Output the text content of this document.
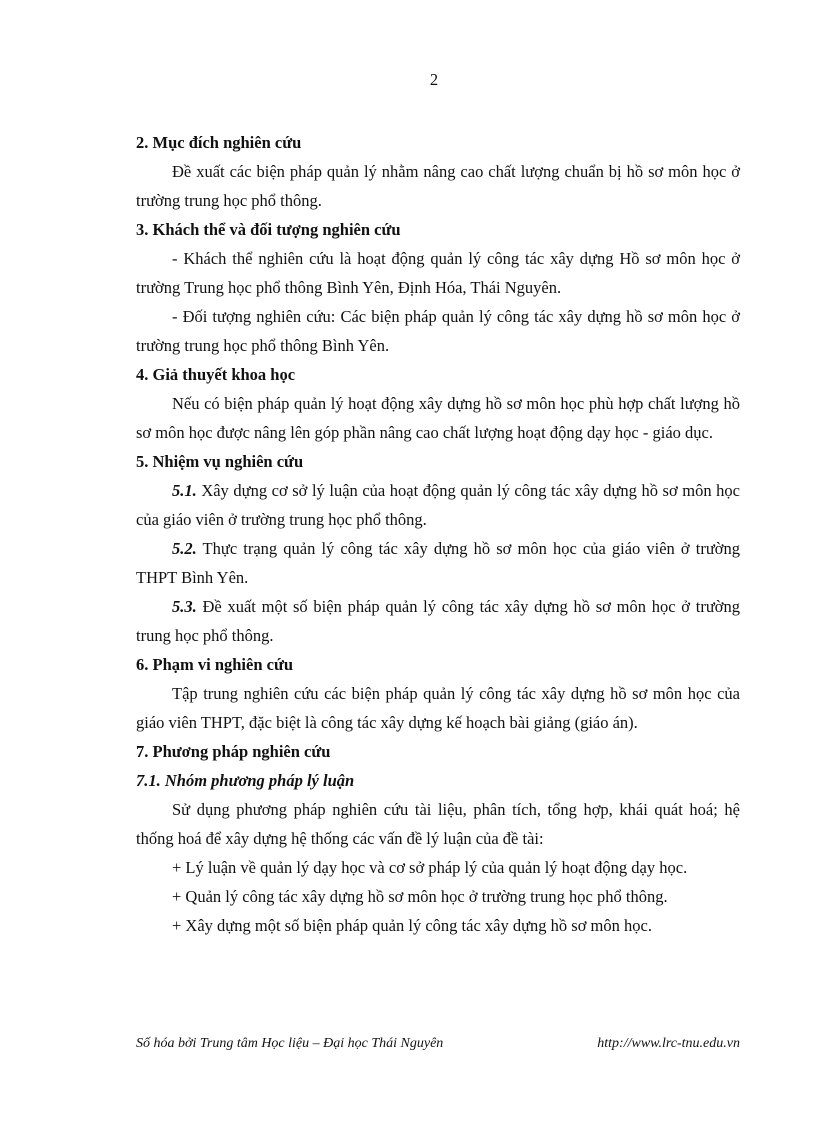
2

2. Mục đích nghiên cứu

Đề xuất các biện pháp quản lý nhằm nâng cao chất lượng chuẩn bị hồ sơ môn học ở trường trung học phổ thông.

3. Khách thể và đối tượng nghiên cứu

- Khách thể nghiên cứu là hoạt động quản lý công tác xây dựng Hồ sơ môn học ở trường Trung học phổ thông Bình Yên, Định Hóa, Thái Nguyên.

- Đối tượng nghiên cứu: Các biện pháp quản lý công tác xây dựng hồ sơ môn học ở trường trung học phổ thông Bình Yên.

4. Giả thuyết khoa học

Nếu có biện pháp quản lý hoạt động xây dựng hồ sơ môn học phù hợp chất lượng hồ sơ môn học được nâng lên góp phần nâng cao chất lượng hoạt động dạy học - giáo dục.

5. Nhiệm vụ nghiên cứu

5.1. Xây dựng cơ sở lý luận của hoạt động quản lý công tác xây dựng hồ sơ môn học của giáo viên ở trường trung học phổ thông.

5.2. Thực trạng quản lý công tác xây dựng hồ sơ môn học của giáo viên ở trường THPT Bình Yên.

5.3. Đề xuất một số biện pháp quản lý công tác xây dựng hồ sơ môn học ở trường trung học phổ thông.

6. Phạm vi nghiên cứu

Tập trung nghiên cứu các biện pháp quản lý công tác xây dựng hồ sơ môn học của giáo viên THPT, đặc biệt là công tác xây dựng kế hoạch bài giảng (giáo án).

7. Phương pháp nghiên cứu

7.1. Nhóm phương pháp lý luận

Sử dụng phương pháp nghiên cứu tài liệu, phân tích, tổng hợp, khái quát hoá; hệ thống hoá để xây dựng hệ thống các vấn đề lý luận của đề tài:

+ Lý luận về quản lý dạy học và cơ sở pháp lý của quản lý hoạt động dạy học.

+ Quản lý công tác xây dựng hồ sơ môn học ở trường trung học phổ thông.

+ Xây dựng một số biện pháp quản lý công tác xây dựng hồ sơ môn học.

Số hóa bởi Trung tâm Học liệu – Đại học Thái Nguyên	http://www.lrc-tnu.edu.vn
